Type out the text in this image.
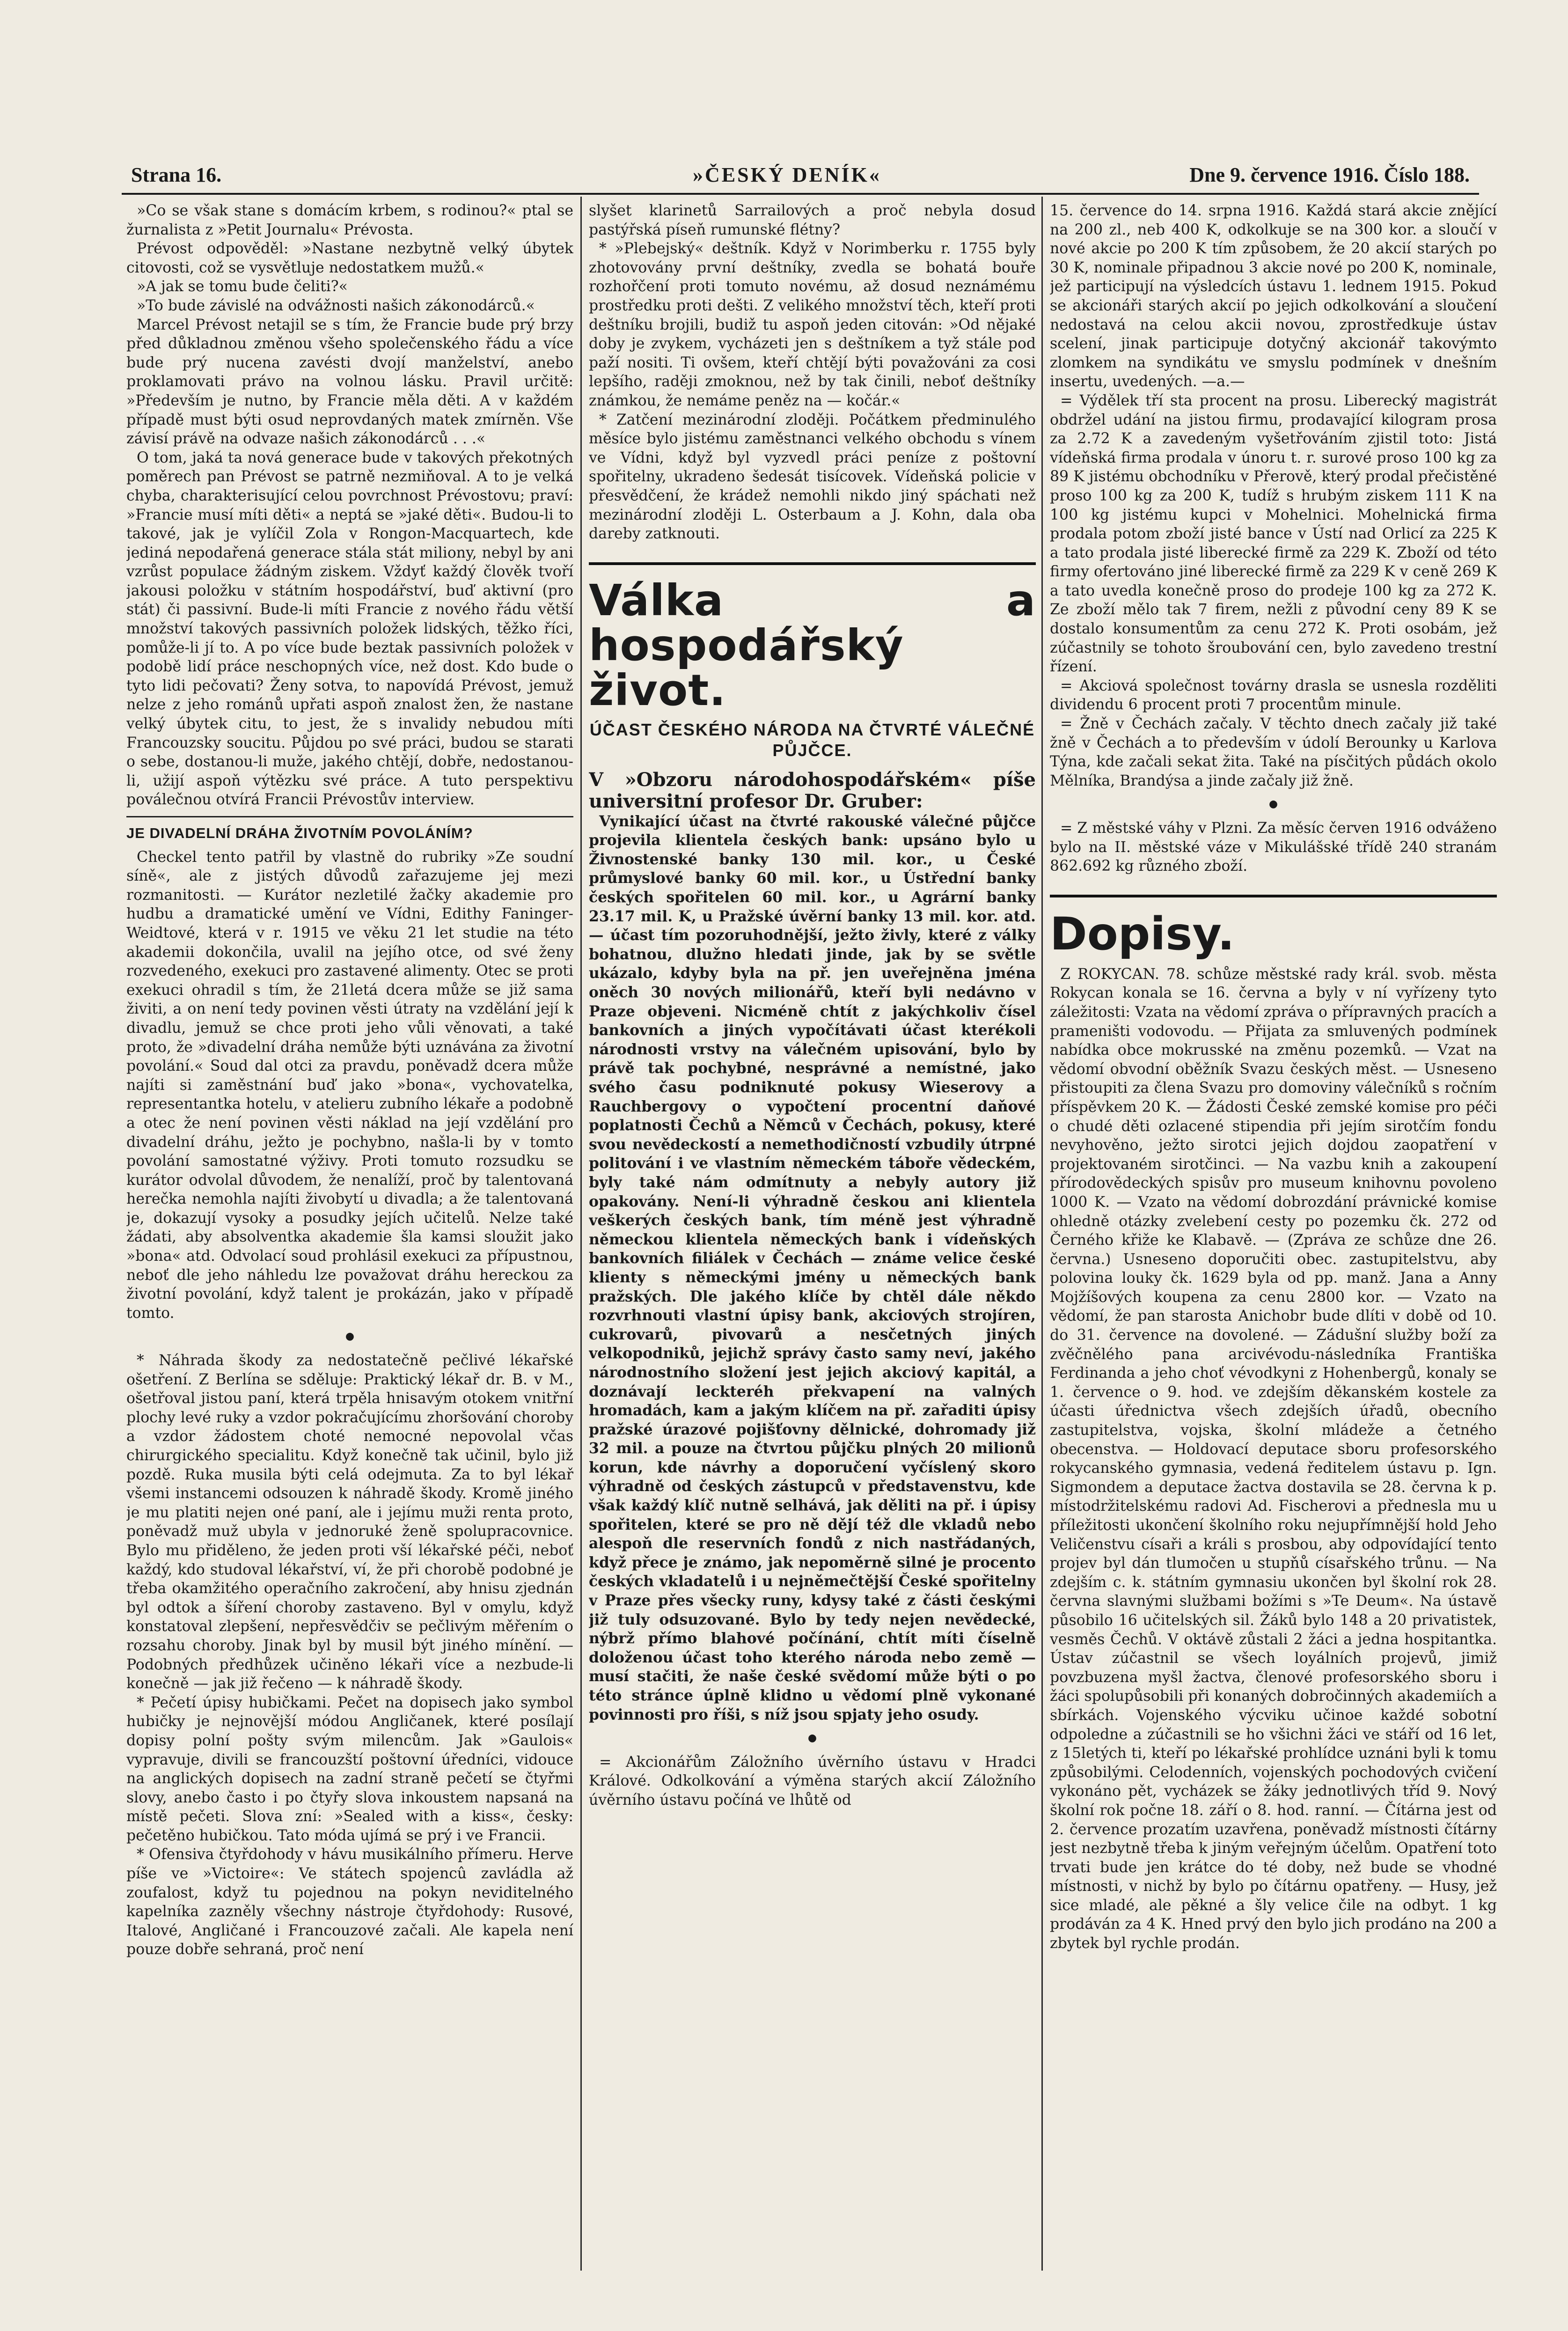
Strana 16.	»ČESKÝ DENÍK«	Dne 9. července 1916. Číslo 188.

»Co se však stane s domácím krbem, s rodinou?« ptal se žurnalista z »Petit Journalu« Prévosta.

Prévost odpověděl: »Nastane nezbytně velký úbytek citovosti, což se vysvětluje nedostatkem mužů.«

»A jak se tomu bude čeliti?«

»To bude závislé na odvážnosti našich zákonodárců.«

Marcel Prévost netajil se s tím, že Francie bude prý brzy před důkladnou změnou všeho společenského řádu a více bude prý nucena zavésti dvojí manželství, anebo proklamovati právo na volnou lásku. Pravil určitě: »Především je nutno, by Francie měla děti. A v každém případě must býti osud neprovdaných matek zmírněn. Vše závisí právě na odvaze našich zákonodárců . . .«

O tom, jaká ta nová generace bude v takových překotných poměrech pan Prévost se patrně nezmiňoval. A to je velká chyba, charakterisující celou povrchnost Prévostovu; praví: »Francie musí míti děti« a neptá se »jaké děti«. Budou-li to takové, jak je vylíčil Zola v Rongon-Macquartech, kde jediná nepodařená generace stála stát miliony, nebyl by ani vzrůst populace žádným ziskem. Vždyť každý člověk tvoří jakousi položku v státním hospodářství, buď aktivní (pro stát) či passivní. Bude-li míti Francie z nového řádu větší množství takových passivních položek lidských, těžko říci, pomůže-li jí to. A po více bude beztak passivních položek v podobě lidí práce neschopných více, než dost. Kdo bude o tyto lidi pečovati? Ženy sotva, to napovídá Prévost, jemuž nelze z jeho románů upřati aspoň znalost žen, že nastane velký úbytek citu, to jest, že s invalidy nebudou míti Francouzsky soucitu. Půjdou po své práci, budou se starati o sebe, dostanou-li muže, jakého chtějí, dobře, nedostanou-li, užijí aspoň výtězku své práce. A tuto perspektivu poválečnou otvírá Francii Prévostův interview.

JE DIVADELNÍ DRÁHA ŽIVOTNÍM POVOLÁNÍM?

Checkel tento patřil by vlastně do rubriky »Ze soudní síně«, ale z jistých důvodů zařazujeme jej mezi rozmanitosti. — Kurátor nezletilé žačky akademie pro hudbu a dramatické umění ve Vídni, Edithy Faninger-Weidtové, která v r. 1915 ve věku 21 let studie na této akademii dokončila, uvalil na jejího otce, od své ženy rozvedeného, exekuci pro zastavené alimenty. Otec se proti exekuci ohradil s tím, že 21letá dcera může se již sama živiti, a on není tedy povinen věsti útraty na vzdělání její k divadlu, jemuž se chce proti jeho vůli věnovati, a také proto, že »divadelní dráha nemůže býti uznávána za životní povolání.« Soud dal otci za pravdu, poněvadž dcera může najíti si zaměstnání buď jako »bona«, vychovatelka, representantka hotelu, v atelieru zubního lékaře a podobně a otec že není povinen věsti náklad na její vzdělání pro divadelní dráhu, ježto je pochybno, našla-li by v tomto povolání samostatné výživy. Proti tomuto rozsudku se kurátor odvolal důvodem, že nenalíží, proč by talentovaná herečka nemohla najíti živobytí u divadla; a že talentovaná je, dokazují vysoky a posudky jejích učitelů. Nelze také žádati, aby absolventka akademie šla kamsi sloužit jako »bona« atd. Odvolací soud prohlásil exekuci za přípustnou, neboť dle jeho náhledu lze považovat dráhu hereckou za životní povolání, když talent je prokázán, jako v případě tomto.

●

* Náhrada škody za nedostatečně pečlivé lékařské ošetření. Z Berlína se sděluje: Praktický lékař dr. B. v M., ošetřoval jistou paní, která trpěla hnisavým otokem vnitřní plochy levé ruky a vzdor pokračujícímu zhoršování choroby a vzdor žádostem choté nemocné nepovolal včas chirurgického specialitu. Když konečně tak učinil, bylo již pozdě. Ruka musila býti celá odejmuta. Za to byl lékař všemi instancemi odsouzen k náhradě škody. Kromě jiného je mu platiti nejen oné paní, ale i jejímu muži renta proto, poněvadž muž ubyla v jednoruké ženě spolupracovnice. Bylo mu přiděleno, že jeden proti vší lékařské péči, neboť každý, kdo studoval lékařství, ví, že při chorobě podobné je třeba okamžitého operačního zakročení, aby hnisu zjednán byl odtok a šíření choroby zastaveno. Byl v omylu, když konstatoval zlepšení, nepřesvědčiv se pečlivým měřením o rozsahu choroby. Jinak byl by musil být jiného mínění. — Podobných předhůzek učiněno lékaři více a nezbude-li konečně — jak již řečeno — k náhradě škody.

* Pečetí úpisy hubičkami. Pečet na dopisech jako symbol hubičky je nejnovější módou Angličanek, které posílají dopisy polní pošty svým milencům. Jak »Gaulois« vypravuje, divili se francouzští poštovní úředníci, vidouce na anglických dopisech na zadní straně pečetí se čtyřmi slovy, anebo často i po čtyřy slova inkoustem napsaná na místě pečeti. Slova zní: »Sealed with a kiss«, česky: pečetěno hubičkou. Tato móda ujímá se prý i ve Francii.

* Ofensiva čtyřdohody v hávu musikálního přímeru. Herve píše ve »Victoire«: Ve státech spojencû zavládla až zoufalost, když tu pojednou na pokyn neviditelného kapelníka zazněly všechny nástroje čtyřdohody: Rusové, Italové, Angličané i Francouzové začali. Ale kapela není pouze dobře sehraná, proč není

slyšet klarinetů Sarrailových a proč nebyla dosud pastýřská píseň rumunské flétny?

* »Plebejský« deštník. Když v Norimberku r. 1755 byly zhotovovány první deštníky, zvedla se bohatá bouře rozhořčení proti tomuto novému, až dosud neznámému prostředku proti dešti. Z velikého množství těch, kteří proti deštníku brojili, budiž tu aspoň jeden citován: »Od nějaké doby je zvykem, vycházeti jen s deštníkem a tyž stále pod paží nositi. Ti ovšem, kteří chtějí býti považováni za cosi lepšího, raději zmoknou, než by tak činili, neboť deštníky známkou, že nemáme peněz na — kočár.«

* Zatčení mezinárodní zloději. Počátkem předminulého měsíce bylo jistému zaměstnanci velkého obchodu s vínem ve Vídni, když byl vyzvedl práci peníze z poštovní spořitelny, ukradeno šedesát tisícovek. Vídeňská policie v přesvědčení, že krádež nemohli nikdo jiný spáchati než mezinárodní zloději L. Osterbaum a J. Kohn, dala oba dareby zatknouti.

Válka a hospodářský život.
ÚČAST ČESKÉHO NÁRODA NA ČTVRTÉ VÁLEČNÉ PŮJČCE.

V »Obzoru národohospodářském« píše universitní profesor Dr. Gruber:

Vynikající účast na čtvrté rakouské válečné půjčce projevila klientela českých bank: upsáno bylo u Živnostenské banky 130 mil. kor., u České průmyslové banky 60 mil. kor., u Ústřední banky českých spořitelen 60 mil. kor., u Agrární banky 23.17 mil. K, u Pražské úvěrní banky 13 mil. kor. atd. — účast tím pozoruhodnější, ježto živly, které z války bohatnou, dlužno hledati jinde, jak by se světle ukázalo, kdyby byla na př. jen uveřejněna jména oněch 30 nových milionářů, kteří byli nedávno v Praze objeveni. Nicméně chtít z jakýchkoliv čísel bankovních a jiných vypočítávati účast kterékoli národnosti vrstvy na válečném upisování, bylo by právě tak pochybné, nesprávné a nemístné, jako svého času podniknuté pokusy Wieserovy a Rauchbergovy o vypočtení procentní daňové poplatnosti Čechů a Němců v Čechách, pokusy, které svou nevědeckostí a nemethodičností vzbudily útrpné politování i ve vlastním německém táboře vědeckém, byly také nám odmítnuty a nebyly autory již opakovány. Není-li výhradně českou ani klientela veškerých českých bank, tím méně jest výhradně německou klientela německých bank i vídeňských bankovních filiálek v Čechách — známe velice české klienty s německými jmény u německých bank pražských. Dle jakého klíče by chtěl dále někdo rozvrhnouti vlastní úpisy bank, akciových strojíren, cukrovarů, pivovarů a nesčetných jiných velkopodniků, jejichž správy často samy neví, jakého národnostního složení jest jejich akciový kapitál, a doznávají leckteréh překvapení na valných hromadách, kam a jakým klíčem na př. zařaditi úpisy pražské úrazové pojišťovny dělnické, dohromady již 32 mil. a pouze na čtvrtou půjčku plných 20 milionů korun, kde návrhy a doporučení vyčíslený skoro výhradně od českých zástupců v představenstvu, kde však každý klíč nutně selhává, jak děliti na př. i úpisy spořitelen, které se pro ně dějí též dle vkladů nebo alespoň dle reservních fondů z nich nastřádaných, když přece je známo, jak nepoměrně silné je procento českých vkladatelů i u nejněmečtější České spořitelny v Praze přes všecky runy, kdysy také z části českými již tuly odsuzované. Bylo by tedy nejen nevědecké, nýbrž přímo blahové počínání, chtít míti číselně doloženou účast toho kterého národa nebo země — musí stačiti, že naše české svědomí může býti o po této stránce úplně klidno u vědomí plně vykonané povinnosti pro říši, s níž jsou spjaty jeho osudy.

●

= Akcionářům Záložního úvěrního ústavu v Hradci Králové. Odkolkování a výměna starých akcií Záložního úvěrního ústavu počíná ve lhůtě od

15. července do 14. srpna 1916. Každá stará akcie znějící na 200 zl., neb 400 K, odkolkuje se na 300 kor. a sloučí v nové akcie po 200 K tím způsobem, že 20 akcií starých po 30 K, nominale připadnou 3 akcie nové po 200 K, nominale, jež participují na výsledcích ústavu 1. lednem 1915. Pokud se akcionáři starých akcií po jejich odkolkování a sloučení nedostavá na celou akcii novou, zprostředkuje ústav scelení, jinak participuje dotyčný akcionář takovýmto zlomkem na syndikátu ve smyslu podmínek v dnešním insertu, uvedených. —a.—

= Výdělek tří sta procent na prosu. Liberecký magistrát obdržel udání na jistou firmu, prodavající kilogram prosa za 2.72 K a zavedeným vyšetřováním zjistil toto: Jistá vídeňská firma prodala v únoru t. r. surové proso 100 kg za 89 K jistému obchodníku v Přerově, který prodal přečistěné proso 100 kg za 200 K, tudíž s hrubým ziskem 111 K na 100 kg jistému kupci v Mohelnici. Mohelnická firma prodala potom zboží jisté bance v Ústí nad Orlicí za 225 K a tato prodala jisté liberecké firmě za 229 K. Zboží od této firmy ofertováno jiné liberecké firmě za 229 K v ceně 269 K a tato uvedla konečně proso do prodeje 100 kg za 272 K. Ze zboží mělo tak 7 firem, nežli z původní ceny 89 K se dostalo konsumentům za cenu 272 K. Proti osobám, jež zúčastnily se tohoto šroubování cen, bylo zavedeno trestní řízení.

= Akciová společnost továrny drasla se usnesla rozděliti dividendu 6 procent proti 7 procentům minule.

= Žně v Čechách začaly. V těchto dnech začaly již také žně v Čechách a to především v údolí Berounky u Karlova Týna, kde začali sekat žita. Také na písčitých půdách okolo Mělníka, Brandýsa a jinde začaly již žně.

●

= Z městské váhy v Plzni. Za měsíc červen 1916 odváženo bylo na II. městské váze v Mikulášské třídě 240 stranám 862.692 kg různého zboží.

Dopisy.

Z ROKYCAN. 78. schůze městské rady král. svob. města Rokycan konala se 16. června a byly v ní vyřízeny tyto záležitosti: Vzata na vědomí zpráva o přípravných pracích a prameništi vodovodu. — Přijata za smluvených podmínek nabídka obce mokrusské na změnu pozemků. — Vzat na vědomí obvodní oběžník Svazu českých měst. — Usneseno přistoupiti za člena Svazu pro domoviny válečníků s ročním příspěvkem 20 K. — Žádosti České zemské komise pro péči o chudé děti ozlacené stipendia při jejím sirotčím fondu nevyhověno, ježto sirotci jejich dojdou zaopatření v projektovaném sirotčinci. — Na vazbu knih a zakoupení přírodovědeckých spisův pro museum knihovnu povoleno 1000 K. — Vzato na vědomí dobrozdání právnické komise ohledně otázky zvelebení cesty po pozemku čk. 272 od Černého křiže ke Klabavě. — (Zpráva ze schůze dne 26. června.) Usneseno doporučiti obec. zastupitelstvu, aby polovina louky čk. 1629 byla od pp. manž. Jana a Anny Mojžíšových koupena za cenu 2800 kor. — Vzato na vědomí, že pan starosta Anichobr bude dlíti v době od 10. do 31. července na dovolené. — Zádušní služby boží za zvěčnělého pana arcivévodu-následníka Františka Ferdinanda a jeho choť vévodkyni z Hohenbergů, konaly se 1. července o 9. hod. ve zdejším děkanském kostele za účasti úřednictva všech zdejších úřadů, obecního zastupitelstva, vojska, školní mládeže a četného obecenstva. — Holdovací deputace sboru profesorského rokycanského gymnasia, vedená ředitelem ústavu p. Ign. Sigmondem a deputace žactva dostavila se 28. června k p. místodržitelskému radovi Ad. Fischerovi a přednesla mu u příležitosti ukončení školního roku nejupřímnější hold Jeho Veličenstvu císaři a králi s prosbou, aby odpovídající tento projev byl dán tlumočen u stupňů císařského trůnu. — Na zdejším c. k. státním gymnasiu ukončen byl školní rok 28. června slavnými službami božími s »Te Deum«. Na ústavě působilo 16 učitelských sil. Žáků bylo 148 a 20 privatistek, vesměs Čechů. V oktávě zůstali 2 žáci a jedna hospitantka. Ústav zúčastnil se všech loyálních projevů, jimiž povzbuzena myšl žactva, členové profesorského sboru i žáci spolupůsobili při konaných dobročinných akademiích a sbírkách. Vojenského výcviku učinoe každé sobotní odpoledne a zúčastnili se ho všichni žáci ve stáří od 16 let, z 15letých ti, kteří po lékařské prohlídce uznáni byli k tomu způsobilými. Celodenních, vojenských pochodových cvičení vykonáno pět, vycházek se žáky jednotlivých tříd 9. Nový školní rok počne 18. září o 8. hod. ranní. — Čítárna jest od 2. července prozatím uzavřena, poněvadž místnosti čítárny jest nezbytně třeba k jiným veřejným účelům. Opatření toto trvati bude jen krátce do té doby, než bude se vhodné místnosti, v nichž by bylo po čítárnu opatřeny. — Husy, jež sice mladé, ale pěkné a šly velice čile na odbyt. 1 kg prodáván za 4 K. Hned prvý den bylo jich prodáno na 200 a zbytek byl rychle prodán.
